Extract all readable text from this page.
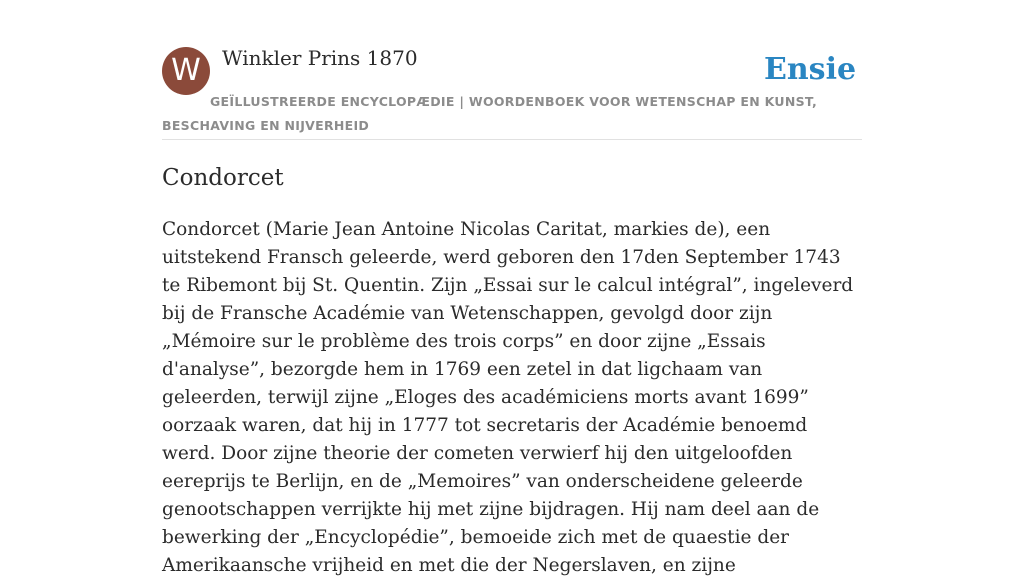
W	Winkler Prins 1870	Ensie
GEÏLLUSTREERDE ENCYCLOPÆDIE | WOORDENBOEK VOOR WETENSCHAP EN KUNST, BESCHAVING EN NIJVERHEID
Condorcet

Condorcet (Marie Jean Antoine Nicolas Caritat, markies de), een uitstekend Fransch geleerde, werd geboren den 17den September 1743 te Ribemont bij St. Quentin. Zijn „Essai sur le calcul intégral”, ingeleverd bij de Fransche Académie van Wetenschappen, gevolgd door zijn „Mémoire sur le problème des trois corps” en door zijne „Essais d'analyse”, bezorgde hem in 1769 een zetel in dat ligchaam van geleerden, terwijl zijne „Eloges des académiciens morts avant 1699” oorzaak waren, dat hij in 1777 tot secretaris der Académie benoemd werd. Door zijne theorie der cometen verwierf hij den uitgeloofden eereprijs te Berlijn, en de „Memoires” van onderscheidene geleerde genootschappen verrijkte hij met zijne bijdragen. Hij nam deel aan de bewerking der „Encyclopédie”, bemoeide zich met de quaestie der Amerikaansche vrijheid en met die der Negerslaven, en zijne
